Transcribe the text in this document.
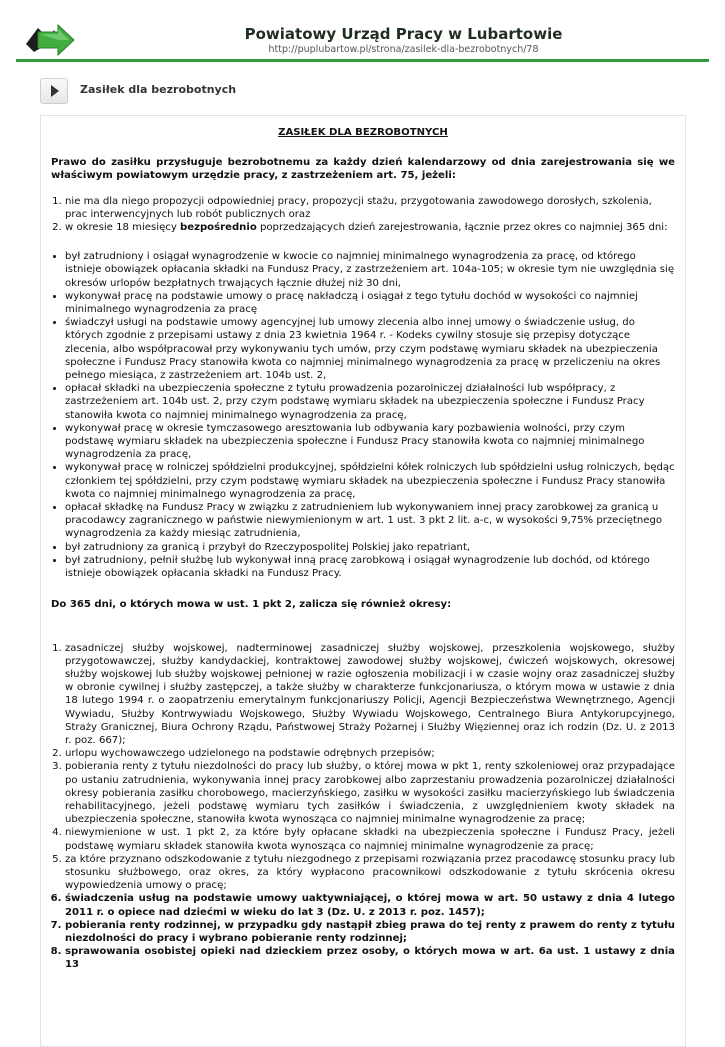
Powiatowy Urząd Pracy w Lubartowie
http://puplubartow.pl/strona/zasilek-dla-bezrobotnych/78
Zasiłek dla bezrobotnych

ZASIŁEK DLA BEZROBOTNYCH

Prawo do zasiłku przysługuje bezrobotnemu za każdy dzień kalendarzowy od dnia zarejestrowania się we właściwym powiatowym urzędzie pracy, z zastrzeżeniem art. 75, jeżeli:

1. nie ma dla niego propozycji odpowiedniej pracy, propozycji stażu, przygotowania zawodowego dorosłych, szkolenia, prac interwencyjnych lub robót publicznych oraz
2. w okresie 18 miesięcy bezpośrednio poprzedzających dzień zarejestrowania, łącznie przez okres co najmniej 365 dni:
• był zatrudniony i osiągał wynagrodzenie w kwocie co najmniej minimalnego wynagrodzenia za pracę, od którego istnieje obowiązek opłacania składki na Fundusz Pracy, z zastrzeżeniem art. 104a-105; w okresie tym nie uwzględnia się okresów urlopów bezpłatnych trwających łącznie dłużej niż 30 dni,
• wykonywał pracę na podstawie umowy o pracę nakładczą i osiągał z tego tytułu dochód w wysokości co najmniej minimalnego wynagrodzenia za pracę
• świadczył usługi na podstawie umowy agencyjnej lub umowy zlecenia albo innej umowy o świadczenie usług, do których zgodnie z przepisami ustawy z dnia 23 kwietnia 1964 r. - Kodeks cywilny stosuje się przepisy dotyczące zlecenia, albo współpracował przy wykonywaniu tych umów, przy czym podstawę wymiaru składek na ubezpieczenia społeczne i Fundusz Pracy stanowiła kwota co najmniej minimalnego wynagrodzenia za pracę w przeliczeniu na okres pełnego miesiąca, z zastrzeżeniem art. 104b ust. 2,
• opłacał składki na ubezpieczenia społeczne z tytułu prowadzenia pozarolniczej działalności lub współpracy, z zastrzeżeniem art. 104b ust. 2, przy czym podstawę wymiaru składek na ubezpieczenia społeczne i Fundusz Pracy stanowiła kwota co najmniej minimalnego wynagrodzenia za pracę,
• wykonywał pracę w okresie tymczasowego aresztowania lub odbywania kary pozbawienia wolności, przy czym podstawę wymiaru składek na ubezpieczenia społeczne i Fundusz Pracy stanowiła kwota co najmniej minimalnego wynagrodzenia za pracę,
• wykonywał pracę w rolniczej spółdzielni produkcyjnej, spółdzielni kółek rolniczych lub spółdzielni usług rolniczych, będąc członkiem tej spółdzielni, przy czym podstawę wymiaru składek na ubezpieczenia społeczne i Fundusz Pracy stanowiła kwota co najmniej minimalnego wynagrodzenia za pracę,
• opłacał składkę na Fundusz Pracy w związku z zatrudnieniem lub wykonywaniem innej pracy zarobkowej za granicą u pracodawcy zagranicznego w państwie niewymienionym w art. 1 ust. 3 pkt 2 lit. a-c, w wysokości 9,75% przeciętnego wynagrodzenia za każdy miesiąc zatrudnienia,
• był zatrudniony za granicą i przybył do Rzeczypospolitej Polskiej jako repatriant,
• był zatrudniony, pełnił służbę lub wykonywał inną pracę zarobkową i osiągał wynagrodzenie lub dochód, od którego istnieje obowiązek opłacania składki na Fundusz Pracy.

Do 365 dni, o których mowa w ust. 1 pkt 2, zalicza się również okresy:

1. zasadniczej służby wojskowej, nadterminowej zasadniczej służby wojskowej, przeszkolenia wojskowego, służby przygotowawczej, służby kandydackiej, kontraktowej zawodowej służby wojskowej, ćwiczeń wojskowych, okresowej służby wojskowej lub służby wojskowej pełnionej w razie ogłoszenia mobilizacji i w czasie wojny oraz zasadniczej służby w obronie cywilnej i służby zastępczej, a także służby w charakterze funkcjonariusza, o którym mowa w ustawie z dnia 18 lutego 1994 r. o zaopatrzeniu emerytalnym funkcjonariuszy Policji, Agencji Bezpieczeństwa Wewnętrznego, Agencji Wywiadu, Służby Kontrwywiadu Wojskowego, Służby Wywiadu Wojskowego, Centralnego Biura Antykorupcyjnego, Straży Granicznej, Biura Ochrony Rządu, Państwowej Straży Pożarnej i Służby Więziennej oraz ich rodzin (Dz. U. z 2013 r. poz. 667);
2. urlopu wychowawczego udzielonego na podstawie odrębnych przepisów;
3. pobierania renty z tytułu niezdolności do pracy lub służby, o której mowa w pkt 1, renty szkoleniowej oraz przypadające po ustaniu zatrudnienia, wykonywania innej pracy zarobkowej albo zaprzestaniu prowadzenia pozarolniczej działalności okresy pobierania zasiłku chorobowego, macierzyńskiego, zasiłku w wysokości zasiłku macierzyńskiego lub świadczenia rehabilitacyjnego, jeżeli podstawę wymiaru tych zasiłków i świadczenia, z uwzględnieniem kwoty składek na ubezpieczenia społeczne, stanowiła kwota wynosząca co najmniej minimalne wynagrodzenie za pracę;
4. niewymienione w ust. 1 pkt 2, za które były opłacane składki na ubezpieczenia społeczne i Fundusz Pracy, jeżeli podstawę wymiaru składek stanowiła kwota wynosząca co najmniej minimalne wynagrodzenie za pracę;
5. za które przyznano odszkodowanie z tytułu niezgodnego z przepisami rozwiązania przez pracodawcę stosunku pracy lub stosunku służbowego, oraz okres, za który wypłacono pracownikowi odszkodowanie z tytułu skrócenia okresu wypowiedzenia umowy o pracę;
6. świadczenia usług na podstawie umowy uaktywniającej, o której mowa w art. 50 ustawy z dnia 4 lutego 2011 r. o opiece nad dziećmi w wieku do lat 3 (Dz. U. z 2013 r. poz. 1457);
7. pobierania renty rodzinnej, w przypadku gdy nastąpił zbieg prawa do tej renty z prawem do renty z tytułu niezdolności do pracy i wybrano pobieranie renty rodzinnej;
8. sprawowania osobistej opieki nad dzieckiem przez osoby, o których mowa w art. 6a ust. 1 ustawy z dnia 13
